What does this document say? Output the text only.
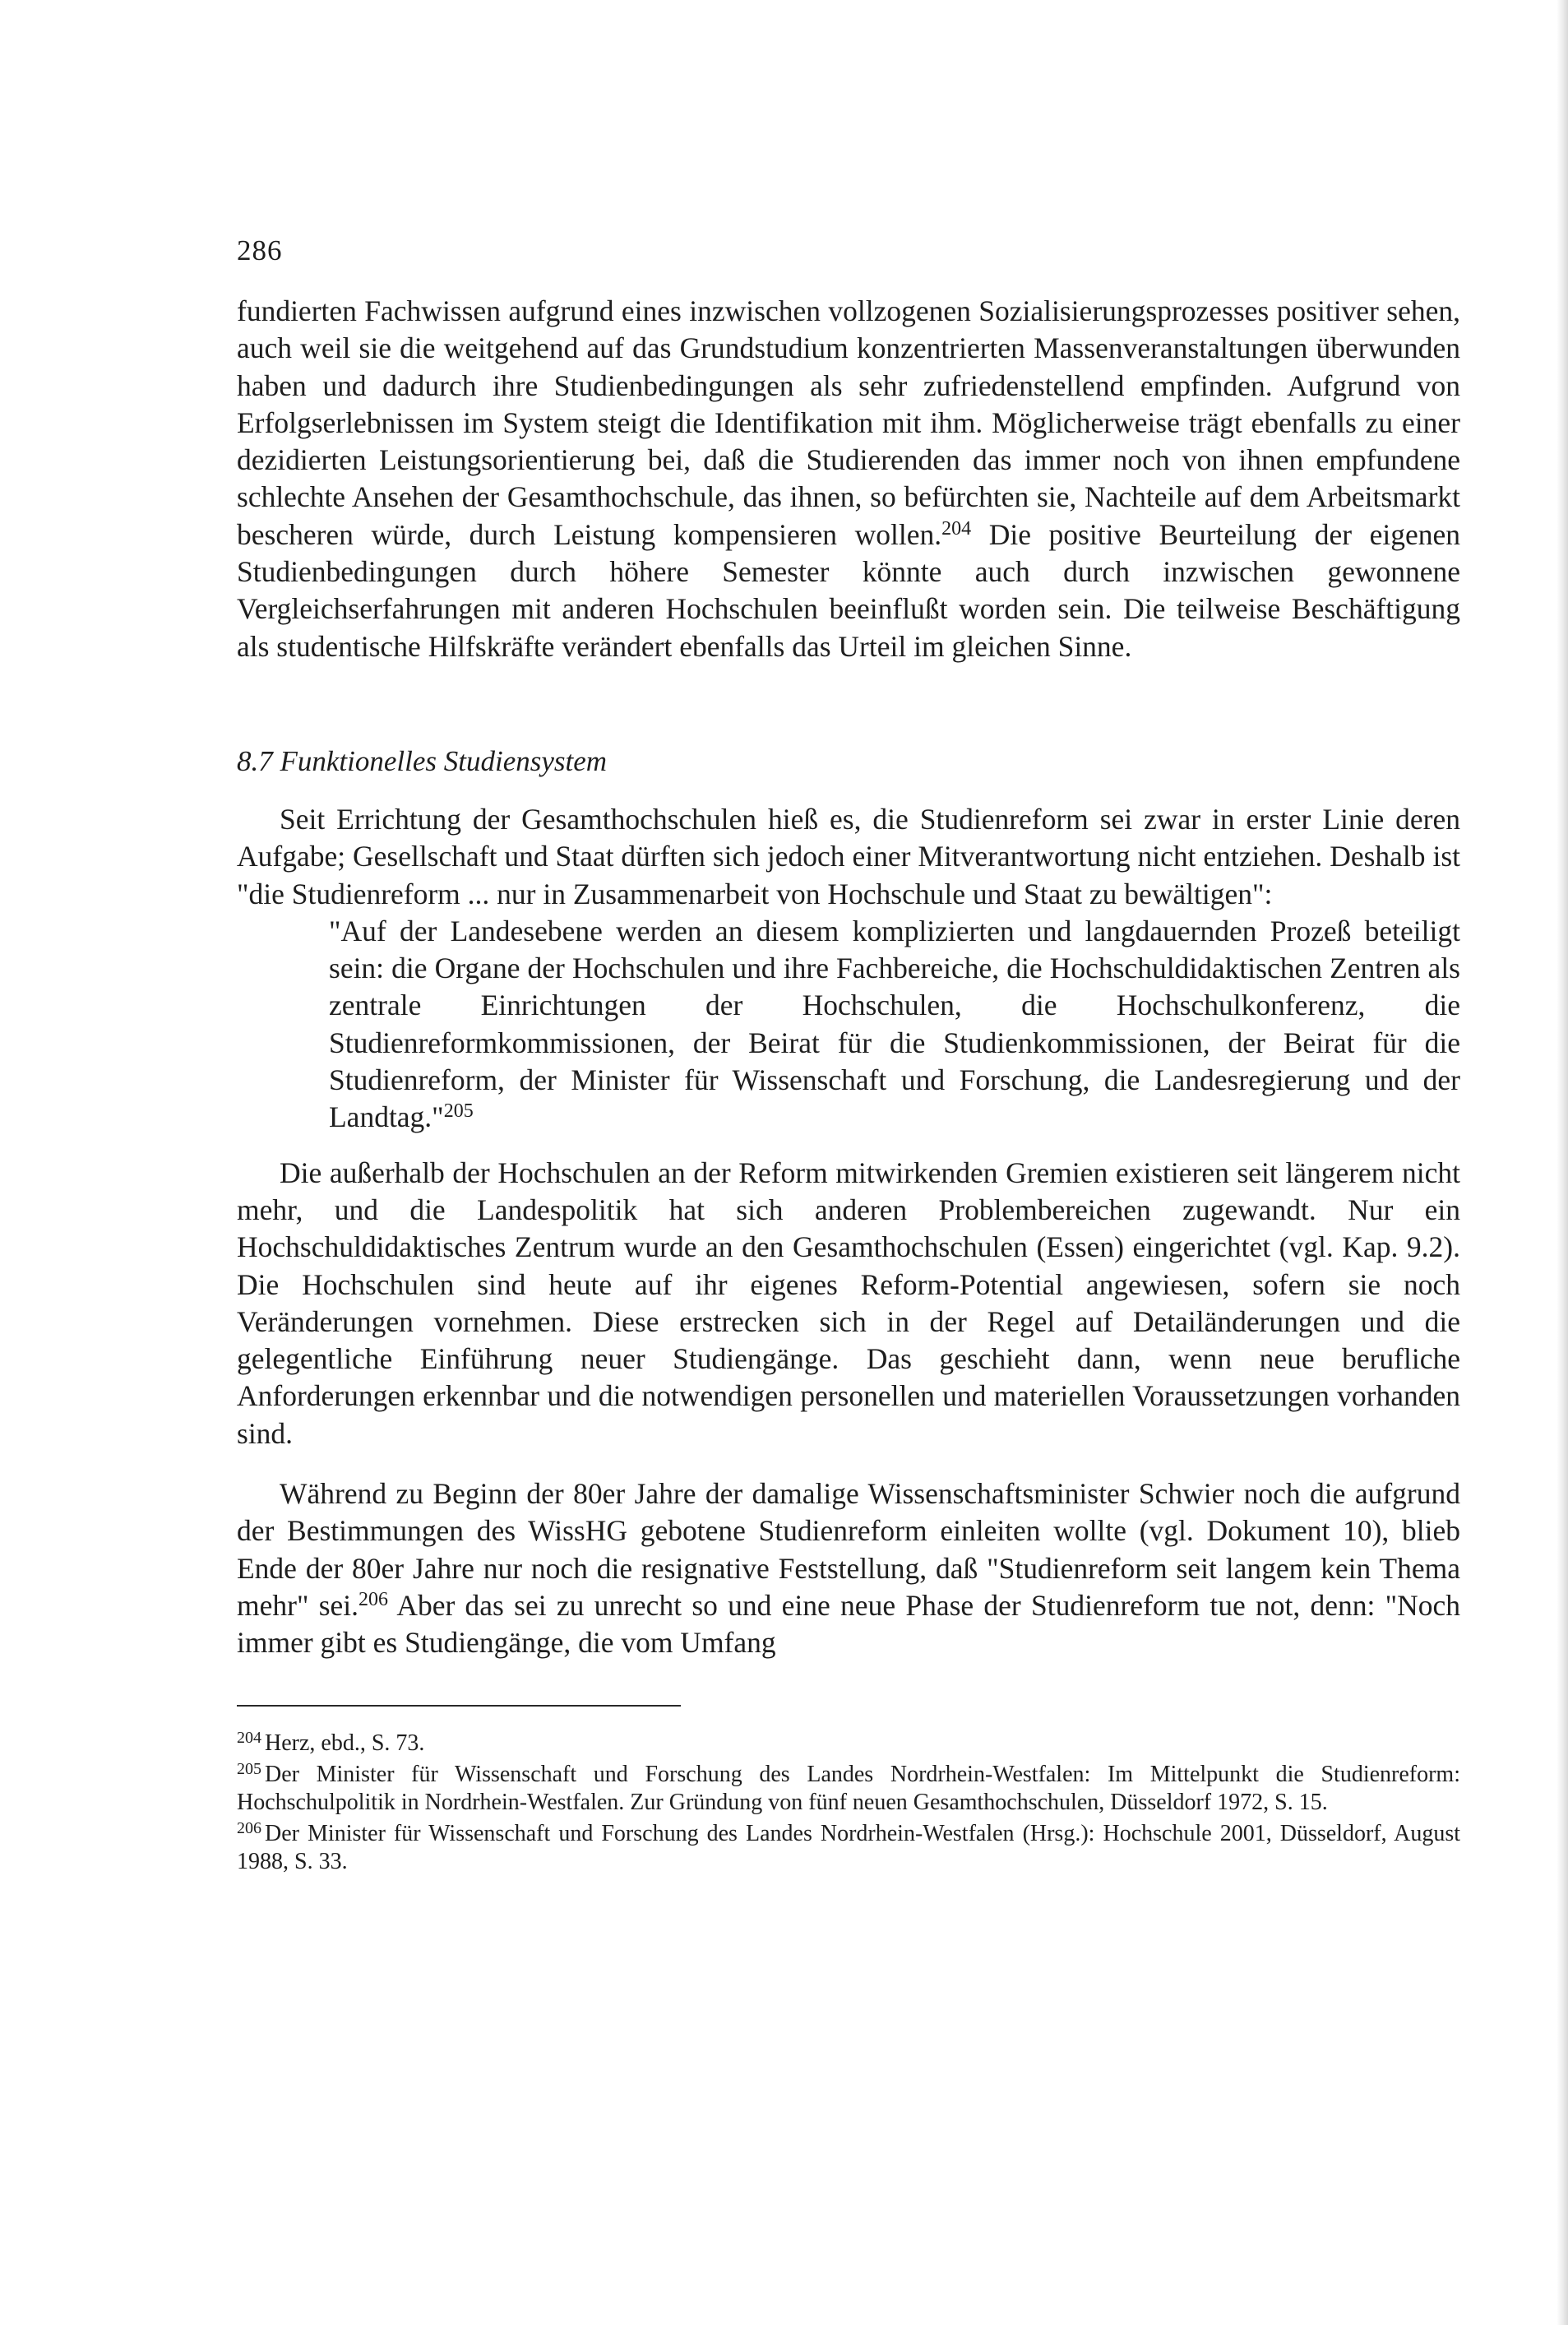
286

fundierten Fachwissen aufgrund eines inzwischen vollzogenen Sozialisierungsprozesses positiver sehen, auch weil sie die weitgehend auf das Grundstudium konzentrierten Massenveranstaltungen überwunden haben und dadurch ihre Studienbedingungen als sehr zufriedenstellend empfinden. Aufgrund von Erfolgserlebnissen im System steigt die Identifikation mit ihm. Möglicherweise trägt ebenfalls zu einer dezidierten Leistungsorientierung bei, daß die Studierenden das immer noch von ihnen empfundene schlechte Ansehen der Gesamthochschule, das ihnen, so befürchten sie, Nachteile auf dem Arbeitsmarkt bescheren würde, durch Leistung kompensieren wollen.$^{204}$ Die positive Beurteilung der eigenen Studienbedingungen durch höhere Semester könnte auch durch inzwischen gewonnene Vergleichserfahrungen mit anderen Hochschulen beeinflußt worden sein. Die teilweise Beschäftigung als studentische Hilfskräfte verändert ebenfalls das Urteil im gleichen Sinne.

8.7 Funktionelles Studiensystem

Seit Errichtung der Gesamthochschulen hieß es, die Studienreform sei zwar in erster Linie deren Aufgabe; Gesellschaft und Staat dürften sich jedoch einer Mitverantwortung nicht entziehen. Deshalb ist "die Studienreform ... nur in Zusammenarbeit von Hochschule und Staat zu bewältigen":

"Auf der Landesebene werden an diesem komplizierten und langdauernden Prozeß beteiligt sein: die Organe der Hochschulen und ihre Fachbereiche, die Hochschuldidaktischen Zentren als zentrale Einrichtungen der Hochschulen, die Hochschulkonferenz, die Studienreformkommissionen, der Beirat für die Studienkommissionen, der Beirat für die Studienreform, der Minister für Wissenschaft und Forschung, die Landesregierung und der Landtag."$^{205}$

Die außerhalb der Hochschulen an der Reform mitwirkenden Gremien existieren seit längerem nicht mehr, und die Landespolitik hat sich anderen Problembereichen zugewandt. Nur ein Hochschuldidaktisches Zentrum wurde an den Gesamthochschulen (Essen) eingerichtet (vgl. Kap. 9.2). Die Hochschulen sind heute auf ihr eigenes Reform-Potential angewiesen, sofern sie noch Veränderungen vornehmen. Diese erstrecken sich in der Regel auf Detailänderungen und die gelegentliche Einführung neuer Studiengänge. Das geschieht dann, wenn neue berufliche Anforderungen erkennbar und die notwendigen personellen und materiellen Voraussetzungen vorhanden sind.

Während zu Beginn der 80er Jahre der damalige Wissenschaftsminister Schwier noch die aufgrund der Bestimmungen des WissHG gebotene Studienreform einleiten wollte (vgl. Dokument 10), blieb Ende der 80er Jahre nur noch die resignative Feststellung, daß "Studienreform seit langem kein Thema mehr" sei.$^{206}$ Aber das sei zu unrecht so und eine neue Phase der Studienreform tue not, denn: "Noch immer gibt es Studiengänge, die vom Umfang

$^{204}$ Herz, ebd., S. 73.

$^{205}$ Der Minister für Wissenschaft und Forschung des Landes Nordrhein-Westfalen: Im Mittelpunkt die Studienreform: Hochschulpolitik in Nordrhein-Westfalen. Zur Gründung von fünf neuen Gesamthochschulen, Düsseldorf 1972, S. 15.

$^{206}$ Der Minister für Wissenschaft und Forschung des Landes Nordrhein-Westfalen (Hrsg.): Hochschule 2001, Düsseldorf, August 1988, S. 33.
